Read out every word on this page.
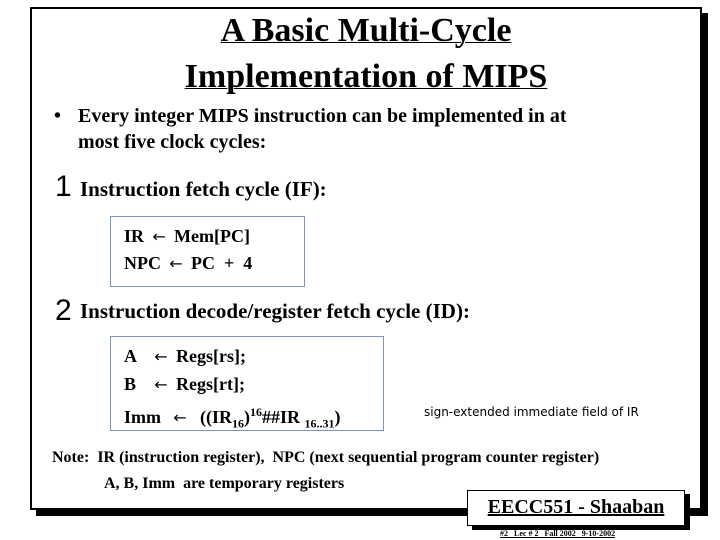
A Basic Multi-Cycle
Implementation of MIPS
• Every integer MIPS instruction can be implemented in at
most five clock cycles:
1 Instruction fetch cycle (IF):
IR ← Mem[PC]
NPC ← PC  +  4
2 Instruction decode/register fetch cycle (ID):
A ← Regs[rs];
B ← Regs[rt];
Imm ← ($(IR_{16})^{16}\#\#IR$ $_{16..31}$)	sign-extended immediate field of IR
Note:  IR (instruction register),  NPC (next sequential program counter register)
A, B, Imm  are temporary registers
EECC551 - Shaaban
#2   Lec # 2   Fall 2002   9-10-2002
